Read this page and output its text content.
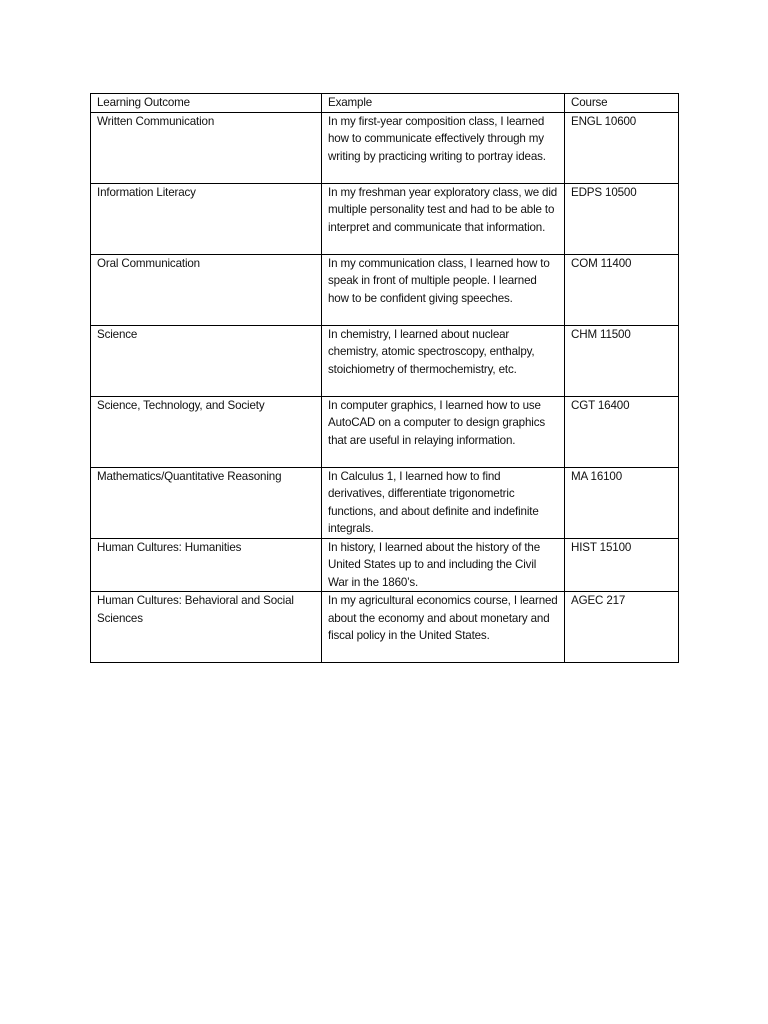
Learning Outcome	Example	Course
Written Communication	In my first-year composition class, I learned how to communicate effectively through my writing by practicing writing to portray ideas.	ENGL 10600
Information Literacy	In my freshman year exploratory class, we did multiple personality test and had to be able to interpret and communicate that information.	EDPS 10500
Oral Communication	In my communication class, I learned how to speak in front of multiple people. I learned how to be confident giving speeches.	COM 11400
Science	In chemistry, I learned about nuclear chemistry, atomic spectroscopy, enthalpy, stoichiometry of thermochemistry, etc.	CHM 11500
Science, Technology, and Society	In computer graphics, I learned how to use AutoCAD on a computer to design graphics that are useful in relaying information.	CGT 16400
Mathematics/Quantitative Reasoning	In Calculus 1, I learned how to find derivatives, differentiate trigonometric functions, and about definite and indefinite integrals.	MA 16100
Human Cultures: Humanities	In history, I learned about the history of the United States up to and including the Civil War in the 1860’s.	HIST 15100
Human Cultures: Behavioral and Social Sciences	In my agricultural economics course, I learned about the economy and about monetary and fiscal policy in the United States.	AGEC 217
